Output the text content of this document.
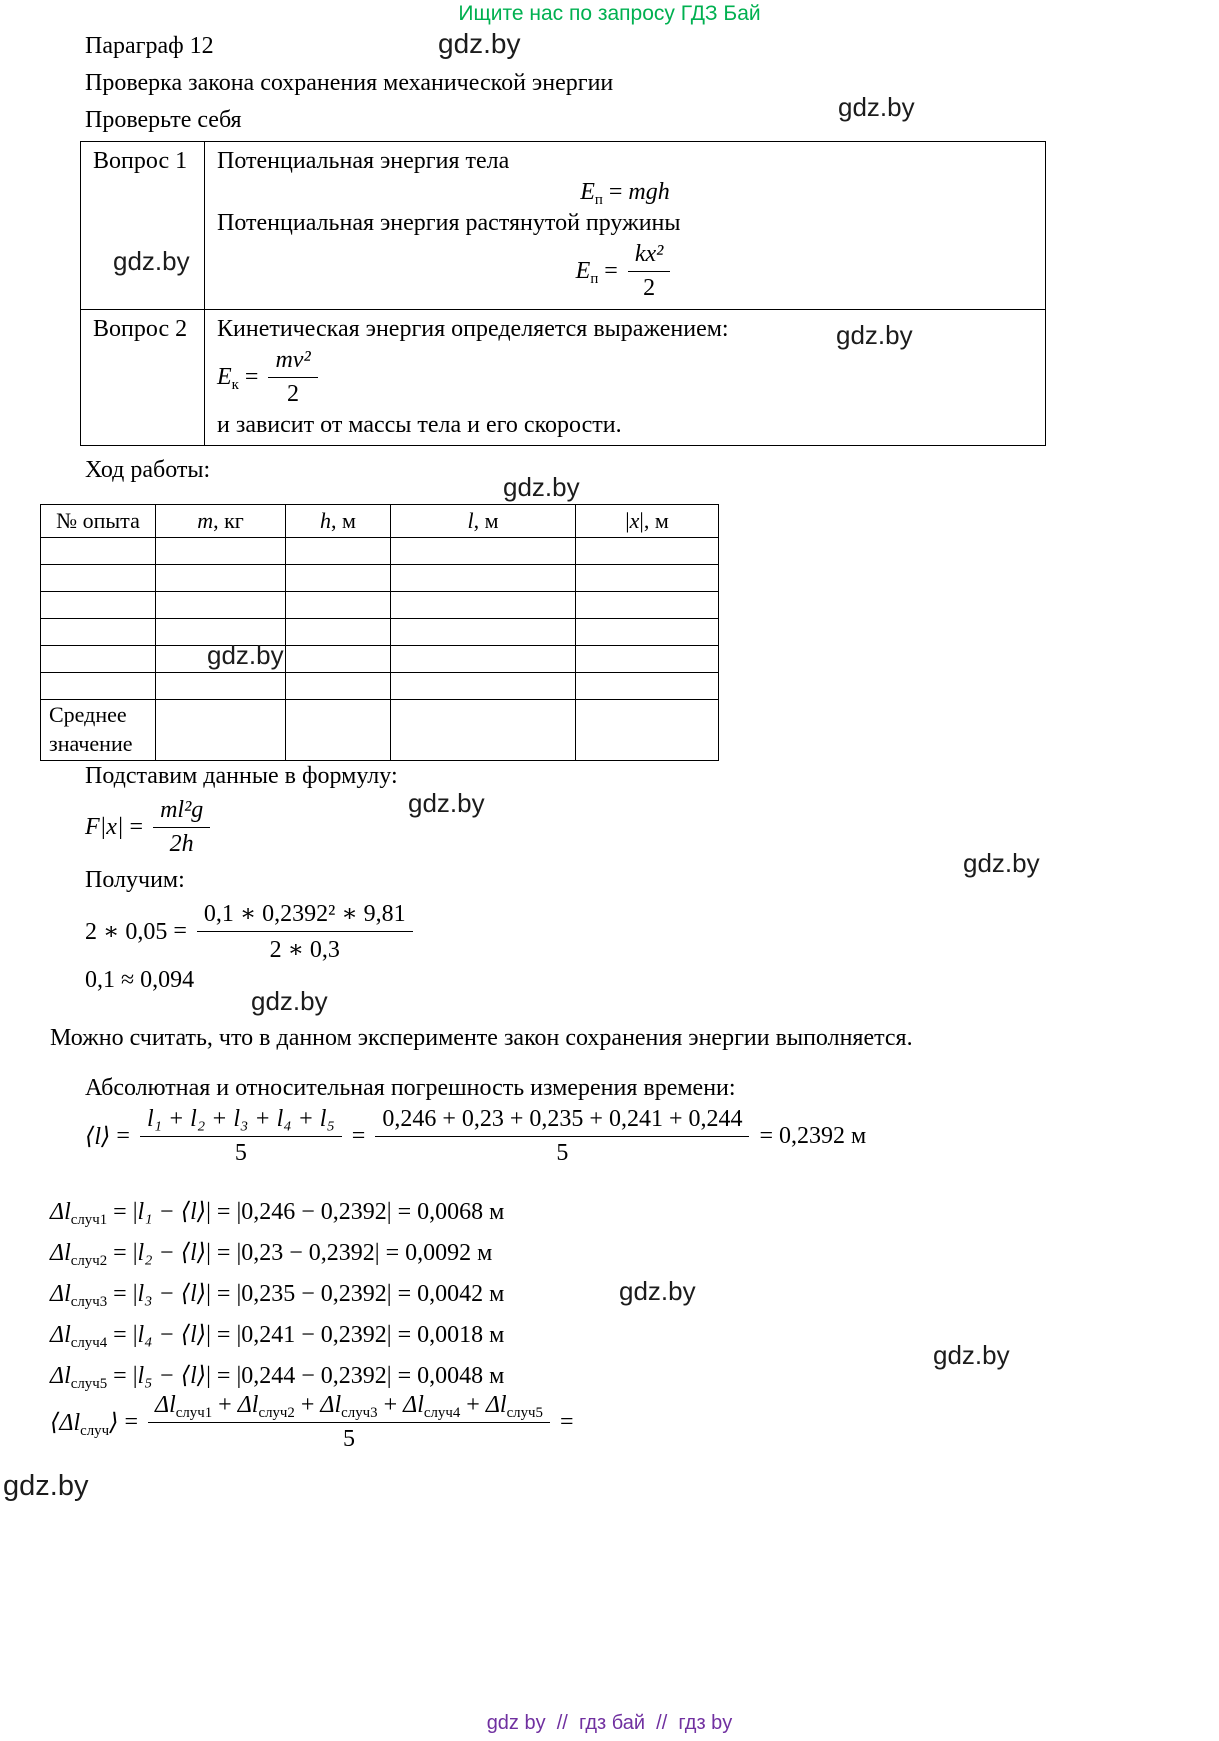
Ищите нас по запросу ГДЗ Бай
Параграф 12
Проверка закона сохранения механической энергии
Проверьте себя
Вопрос 1	Потенциальная энергия тела
$E_п$ = mgh
Потенциальная энергия растянутой пружины
$E_п = \frac{\text{kx²}}{2}$

Вопрос 2	Кинетическая энергия определяется выражением:
$E_к = \frac{\text{mv²}}{2}$
и зависит от массы тела и его скорости.
Ход работы:
№ опыта	m, кг	h, м	l, м	|x|, м

Среднее значение				
Подставим данные в формулу:
$F|x| = \frac{\text{ml²g}}{2h}$
Получим:
2 ∗ $0,05 = \frac{\text{0,1 ∗ 0,2392² ∗ 9,81}}{2 ∗ 0,3}$
0,1 ≈ 0,094
Можно считать, что в данном эксперименте закон сохранения энергии выполняется.
Абсолютная и относительная погрешность измерения времени:
⟨l⟩ = $\frac{\text{l₁ + l₂ + l₃ + l₄ + l₅}}{5} = \frac{0,246 + 0,23 + 0,235 + 0,241 + 0,244}{5} = 0,2392$ м
$\Delta l_{случ1} = |l_1$ − ⟨l⟩| = |0,246 − 0,2392| = 0,0068 м
$\Delta l_{случ2} = |l_2$ − ⟨l⟩| = |0,23 − 0,2392| = 0,0092 м
$\Delta l_{случ3} = |l_3$ − ⟨l⟩| = |0,235 − 0,2392| = 0,0042 м
$\Delta l_{случ4} = |l_4$ − ⟨l⟩| = |0,241 − 0,2392| = 0,0018 м
$\Delta l_{случ5} = |l_5$ − ⟨l⟩| = |0,244 − 0,2392| = 0,0048 м
$⟨\Delta l_{случ}⟩ = \frac{\Delta l_{случ1} + \Delta l_{случ2} + \Delta l_{случ3} + \Delta l_{случ4} + \Delta l_{случ5}}{5}$ =
gdz.by
gdz.by
gdz.by
gdz.by
gdz.by
gdz.by
gdz.by
gdz.by
gdz.by
gdz.by
gdz.by
gdz.by
gdz by  //  гдз бай  //  гдз by
